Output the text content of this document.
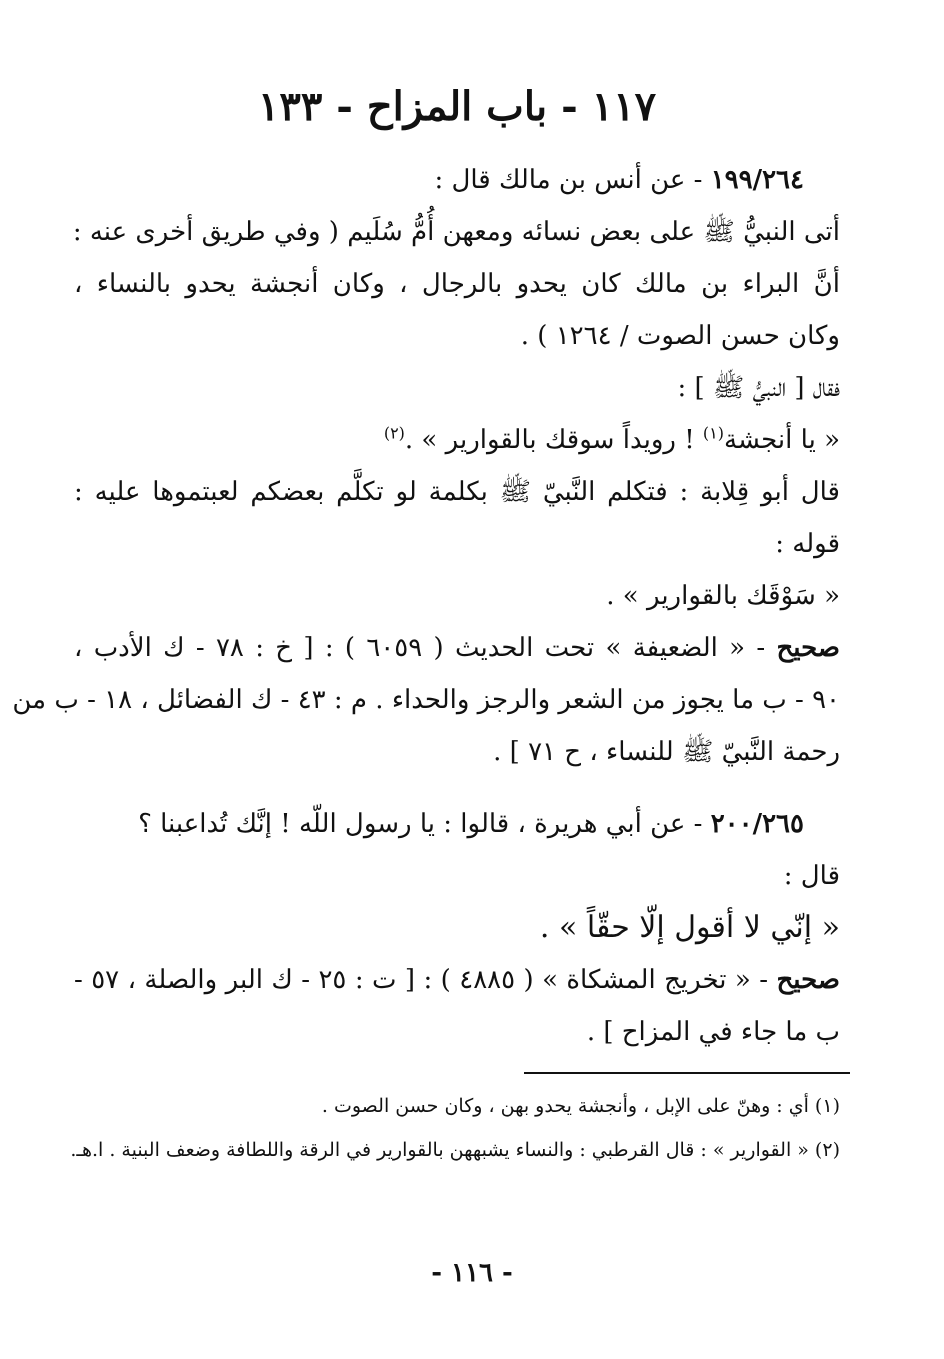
١١٧ - باب المزاح - ١٣٣
١٩٩/٢٦٤ - عن أنس بن مالك قال :
أتى النبيُّ ﷺ على بعض نسائه ومعهن أُمُّ سُلَيم ( وفي طريق أخرى عنه :
أنَّ البراء بن مالك كان يحدو بالرجال ، وكان أنجشة يحدو بالنساء ،
وكان حسن الصوت / ١٢٦٤ ) .
فقال [ النبيُّ ﷺ ] :
« يا أنجشة$^{(١)}$ ! رويداً سوقك بالقوارير » .$^{(٢)}$
قال أبو قِلابة : فتكلم النَّبيّ ﷺ بكلمة لو تكلَّم بعضكم لعبتموها عليه :
قوله :
« سَوْقَك بالقوارير » .
صحيح - « الضعيفة » تحت الحديث ( ٦٠٥٩ ) : [ خ : ٧٨ - ك الأدب ،
٩٠ - ب ما يجوز من الشعر والرجز والحداء . م : ٤٣ - ك الفضائل ، ١٨ - ب من
رحمة النَّبيّ ﷺ للنساء ، ح ٧١ ] .
٢٠٠/٢٦٥ - عن أبي هريرة ، قالوا : يا رسول اللّه ! إنَّك تُداعبنا ؟
قال :
« إنّي لا أقول إلّا حقّاً » .
صحيح - « تخريج المشكاة » ( ٤٨٨٥ ) : [ ت : ٢٥ - ك البر والصلة ، ٥٧ -
ب ما جاء في المزاح ] .
(١) أي : وهنّ على الإبل ، وأنجشة يحدو بهن ، وكان حسن الصوت .
(٢) « القوارير » : قال القرطبي : والنساء يشبههن بالقوارير في الرقة واللطافة وضعف البنية . ا.هـ.
- ١١٦ -
